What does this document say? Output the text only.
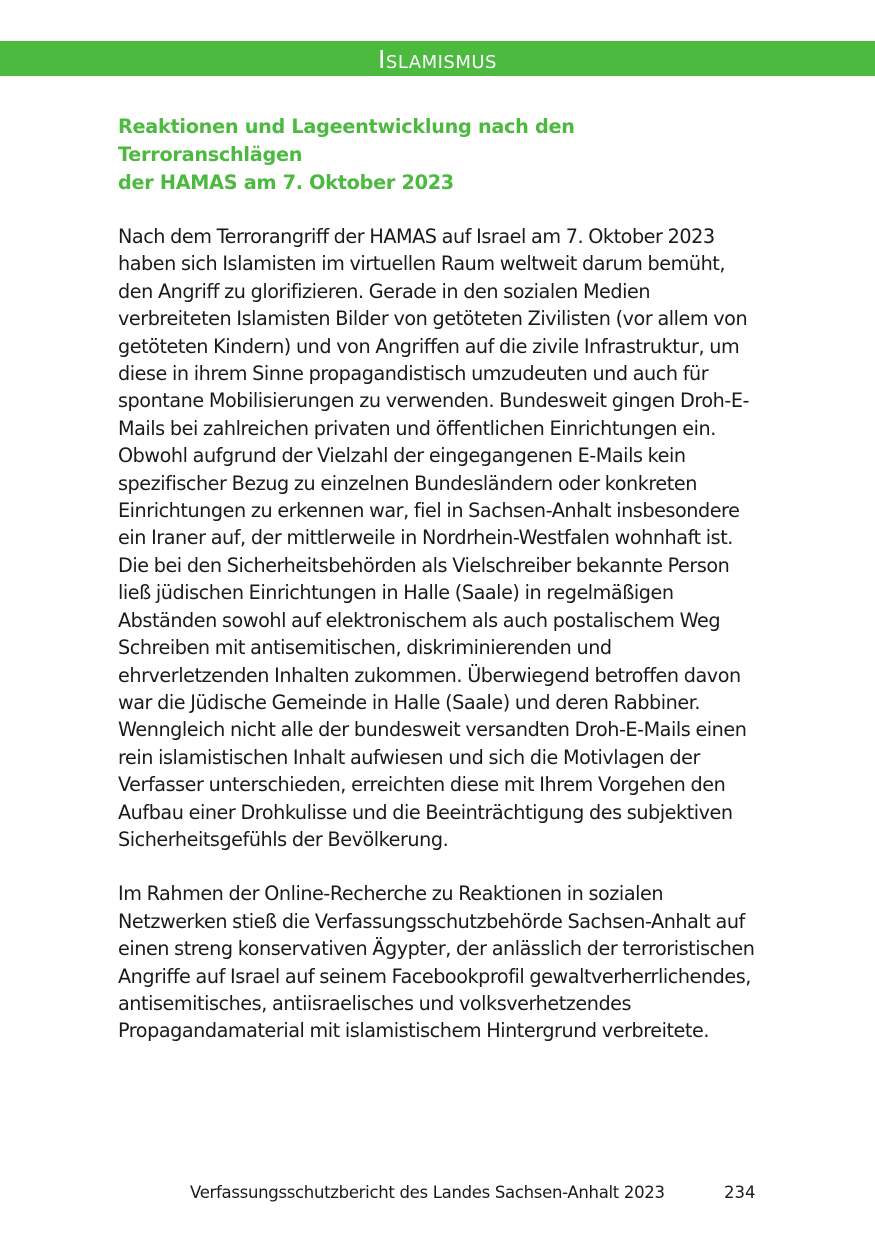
Islamismus
Reaktionen und Lageentwicklung nach den Terroranschlägen
der HAMAS am 7. Oktober 2023

Nach dem Terrorangriff der HAMAS auf Israel am 7. Oktober 2023 haben sich Islamisten im virtuellen Raum weltweit darum bemüht, den Angriff zu glorifizieren. Gerade in den sozialen Medien verbreiteten Islamisten Bilder von getöteten Zivilisten (vor allem von getöteten Kindern) und von Angriffen auf die zivile Infrastruktur, um diese in ihrem Sinne propagandistisch umzudeuten und auch für spontane Mobilisierungen zu verwenden. Bundesweit gingen Droh-E-Mails bei zahlreichen privaten und öffentlichen Einrichtungen ein. Obwohl aufgrund der Vielzahl der eingegangenen E-Mails kein spezifischer Bezug zu einzelnen Bundesländern oder konkreten Einrichtungen zu erkennen war, fiel in Sachsen-Anhalt insbesondere ein Iraner auf, der mittlerweile in Nordrhein-Westfalen wohnhaft ist. Die bei den Sicherheitsbehörden als Vielschreiber bekannte Person ließ jüdischen Einrichtungen in Halle (Saale) in regelmäßigen Abständen sowohl auf elektronischem als auch postalischem Weg Schreiben mit antisemitischen, diskriminierenden und ehrverletzenden Inhalten zukommen. Überwiegend betroffen davon war die Jüdische Gemeinde in Halle (Saale) und deren Rabbiner. Wenngleich nicht alle der bundesweit versandten Droh-E-Mails einen rein islamistischen Inhalt aufwiesen und sich die Motivlagen der Verfasser unterschieden, erreichten diese mit Ihrem Vorgehen den Aufbau einer Drohkulisse und die Beeinträchtigung des subjektiven Sicherheitsgefühls der Bevölkerung.

Im Rahmen der Online-Recherche zu Reaktionen in sozialen Netzwerken stieß die Verfassungsschutzbehörde Sachsen-Anhalt auf einen streng konservativen Ägypter, der anlässlich der terroristischen Angriffe auf Israel auf seinem Facebookprofil gewaltverherrlichendes, antisemitisches, antiisraelisches und volksverhetzendes Propagandamaterial mit islamistischem Hintergrund verbreitete.

Verfassungsschutzbericht des Landes Sachsen-Anhalt 2023	234
